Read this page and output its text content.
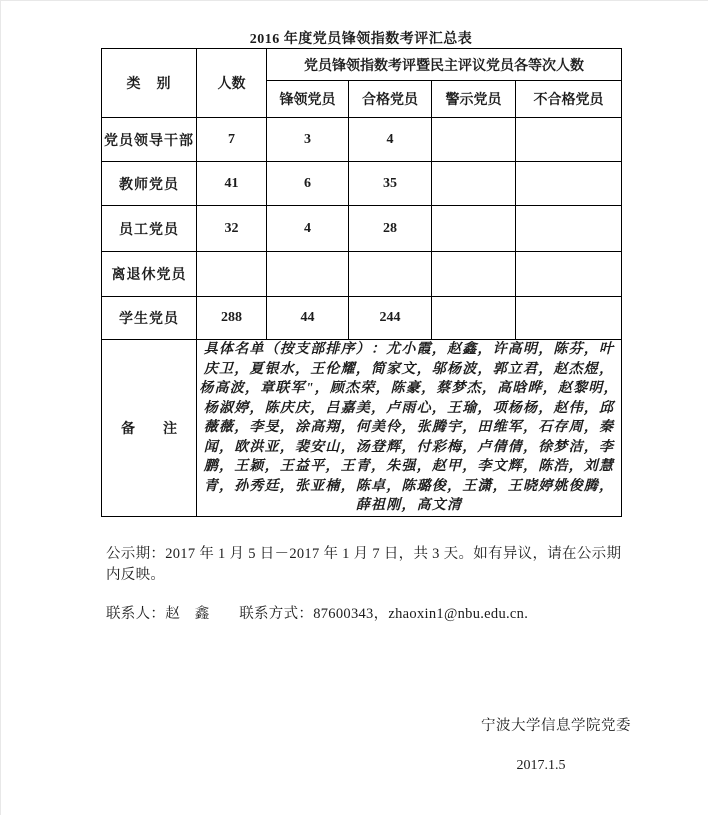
2016 年度党员锋领指数考评汇总表
类　别	人数	党员锋领指数考评暨民主评议党员各等次人数			
		锋领党员	合格党员	警示党员	不合格党员
党员领导干部	7	3	4		
教师党员	41	6	35		
员工党员	32	4	28		
离退休党员					
学生党员	288	44	244		
备　　注	具体名单（按支部排序）：尤小霞，赵鑫，许高明，陈芬，叶庆卫，夏银水，王伦耀，简家文，邬杨波，郭立君，赵杰煜，杨高波，章联军"，顾杰荣，陈豪，蔡梦杰，高晗晔，赵黎明，杨淑婷，陈庆庆，吕嘉美，卢雨心，王瑜，项杨杨，赵伟，邱薇薇，李旻，涂高翔，何美伶，张腾宇，田维军，石存周，秦闻，欧洪亚，裴安山，汤登辉，付彩梅，卢倩倩，徐梦洁，李鹏，王颖，王益平，王青，朱强，赵甲，李文辉，陈浩，刘慧青，孙秀廷，张亚楠，陈卓，陈璐俊，王潇，王晓婷姚俊腾，薛祖刚，高文清				
公示期：2017 年 1 月 5 日－2017 年 1 月 7 日，共 3 天。如有异议，请在公示期
内反映。
联系人：赵　鑫　　联系方式：87600343，zhaoxin1@nbu.edu.cn.
宁波大学信息学院党委
2017.1.5
